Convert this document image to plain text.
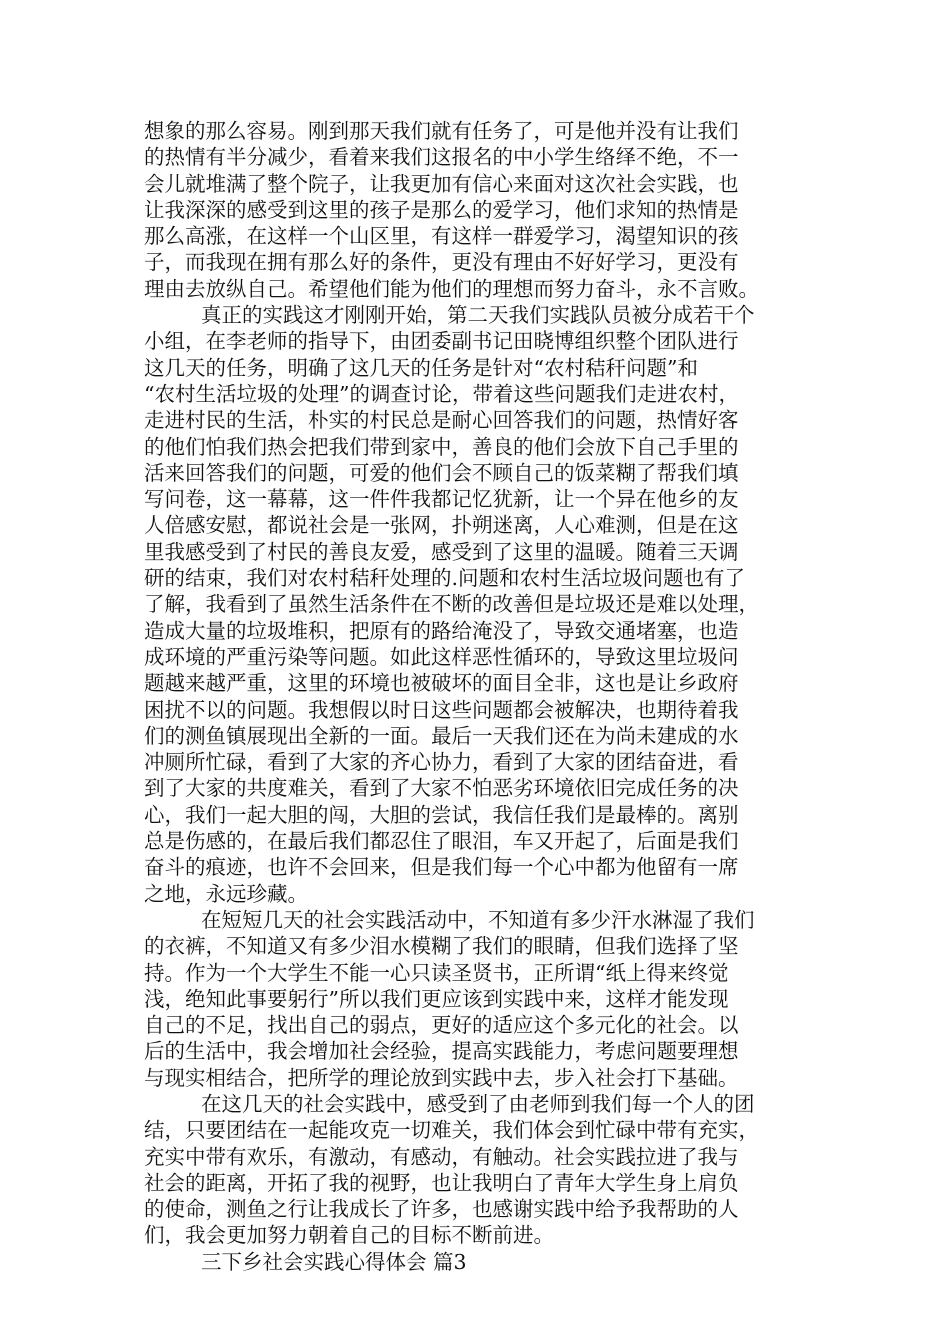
想象的那么容易。刚到那天我们就有任务了，可是他并没有让我们
的热情有半分减少，看着来我们这报名的中小学生络绎不绝，不一
会儿就堆满了整个院子，让我更加有信心来面对这次社会实践，也
让我深深的感受到这里的孩子是那么的爱学习，他们求知的热情是
那么高涨，在这样一个山区里，有这样一群爱学习，渴望知识的孩
子，而我现在拥有那么好的条件，更没有理由不好好学习，更没有
理由去放纵自己。希望他们能为他们的理想而努力奋斗，永不言败。
真正的实践这才刚刚开始，第二天我们实践队员被分成若干个
小组，在李老师的指导下，由团委副书记田晓博组织整个团队进行
这几天的任务，明确了这几天的任务是针对“农村秸秆问题”和
“农村生活垃圾的处理”的调查讨论，带着这些问题我们走进农村，
走进村民的生活，朴实的村民总是耐心回答我们的问题，热情好客
的他们怕我们热会把我们带到家中，善良的他们会放下自己手里的
活来回答我们的问题，可爱的他们会不顾自己的饭菜糊了帮我们填
写问卷，这一幕幕，这一件件我都记忆犹新，让一个异在他乡的友
人倍感安慰，都说社会是一张网，扑朔迷离，人心难测，但是在这
里我感受到了村民的善良友爱，感受到了这里的温暖。随着三天调
研的结束，我们对农村秸秆处理的.问题和农村生活垃圾问题也有了
了解，我看到了虽然生活条件在不断的改善但是垃圾还是难以处理，
造成大量的垃圾堆积，把原有的路给淹没了，导致交通堵塞，也造
成环境的严重污染等问题。如此这样恶性循环的，导致这里垃圾问
题越来越严重，这里的环境也被破坏的面目全非，这也是让乡政府
困扰不以的问题。我想假以时日这些问题都会被解决，也期待着我
们的测鱼镇展现出全新的一面。最后一天我们还在为尚未建成的水
冲厕所忙碌，看到了大家的齐心协力，看到了大家的团结奋进，看
到了大家的共度难关，看到了大家不怕恶劣环境依旧完成任务的决
心，我们一起大胆的闯，大胆的尝试，我信任我们是最棒的。离别
总是伤感的，在最后我们都忍住了眼泪，车又开起了，后面是我们
奋斗的痕迹，也许不会回来，但是我们每一个心中都为他留有一席
之地，永远珍藏。
在短短几天的社会实践活动中，不知道有多少汗水淋湿了我们
的衣裤，不知道又有多少泪水模糊了我们的眼睛，但我们选择了坚
持。作为一个大学生不能一心只读圣贤书，正所谓“纸上得来终觉
浅，绝知此事要躬行”所以我们更应该到实践中来，这样才能发现
自己的不足，找出自己的弱点，更好的适应这个多元化的社会。以
后的生活中，我会增加社会经验，提高实践能力，考虑问题要理想
与现实相结合，把所学的理论放到实践中去，步入社会打下基础。
在这几天的社会实践中，感受到了由老师到我们每一个人的团
结，只要团结在一起能攻克一切难关，我们体会到忙碌中带有充实，
充实中带有欢乐，有激动，有感动，有触动。社会实践拉进了我与
社会的距离，开拓了我的视野，也让我明白了青年大学生身上肩负
的使命，测鱼之行让我成长了许多，也感谢实践中给予我帮助的人
们，我会更加努力朝着自己的目标不断前进。
三下乡社会实践心得体会 篇3
